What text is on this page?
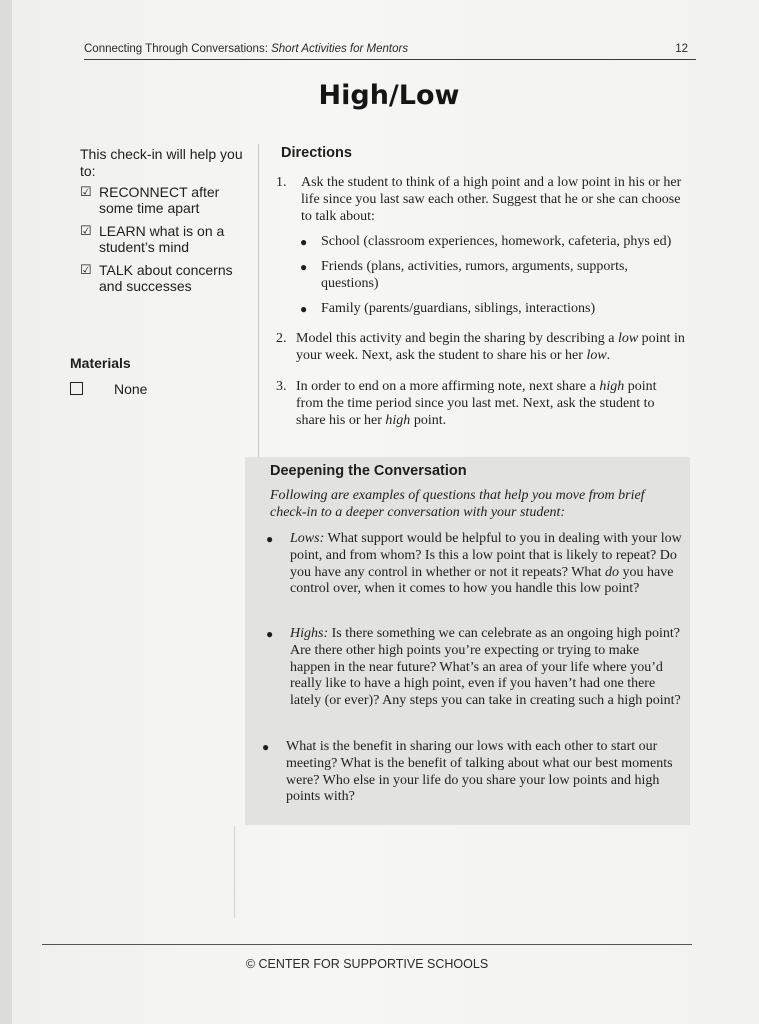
Connecting Through Conversations: Short Activities for Mentors	12
High/Low
This check-in will help you to:
☑ RECONNECT after some time apart
☑ LEARN what is on a student’s mind
☑ TALK about concerns and successes
Materials
None
Directions
1. Ask the student to think of a high point and a low point in his or her life since you last saw each other. Suggest that he or she can choose to talk about:
● School (classroom experiences, homework, cafeteria, phys ed)
● Friends (plans, activities, rumors, arguments, supports, questions)
● Family (parents/guardians, siblings, interactions)
2. Model this activity and begin the sharing by describing a low point in your week. Next, ask the student to share his or her low.
3. In order to end on a more affirming note, next share a high point from the time period since you last met. Next, ask the student to share his or her high point.
Deepening the Conversation
Following are examples of questions that help you move from brief check-in to a deeper conversation with your student:
● Lows: What support would be helpful to you in dealing with your low point, and from whom? Is this a low point that is likely to repeat? Do you have any control in whether or not it repeats? What do you have control over, when it comes to how you handle this low point?
● Highs: Is there something we can celebrate as an ongoing high point? Are there other high points you’re expecting or trying to make happen in the near future? What’s an area of your life where you’d really like to have a high point, even if you haven’t had one there lately (or ever)? Any steps you can take in creating such a high point?
● What is the benefit in sharing our lows with each other to start our meeting? What is the benefit of talking about what our best moments were? Who else in your life do you share your low points and high points with?
© CENTER FOR SUPPORTIVE SCHOOLS
